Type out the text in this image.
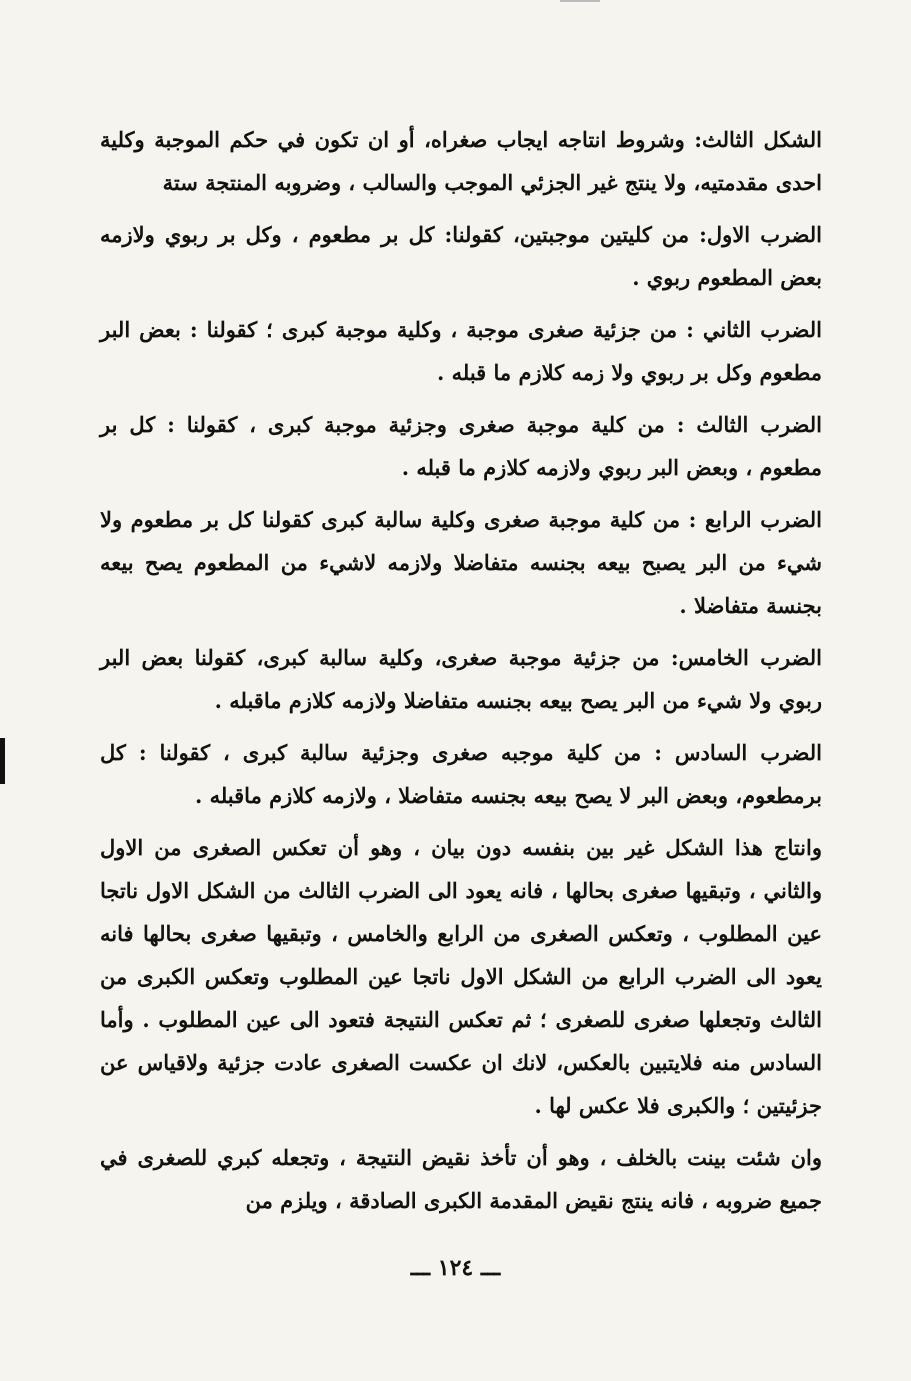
الشكل الثالث: وشروط انتاجه ايجاب صغراه، أو ان تكون في حكم الموجبة وكلية احدى مقدمتيه، ولا ينتج غير الجزئي الموجب والسالب ، وضروبه المنتجة ستة

الضرب الاول: من كليتين موجبتين، كقولنا: كل بر مطعوم ، وكل بر ربوي ولازمه بعض المطعوم ربوي .

الضرب الثاني : من جزئية صغرى موجبة ، وكلية موجبة كبرى ؛ كقولنا : بعض البر مطعوم وكل بر ربوي ولا زمه كلازم ما قبله .

الضرب الثالث : من كلية موجبة صغرى وجزئية موجبة كبرى ، كقولنا : كل بر مطعوم ، وبعض البر ربوي ولازمه كلازم ما قبله .

الضرب الرابع : من كلية موجبة صغرى وكلية سالبة كبرى كقولنا كل بر مطعوم ولا شيء من البر يصبح بيعه بجنسه متفاضلا ولازمه لاشيء من المطعوم يصح بيعه بجنسة متفاضلا .

الضرب الخامس: من جزئية موجبة صغرى، وكلية سالبة كبرى، كقولنا بعض البر ربوي ولا شيء من البر يصح بيعه بجنسه متفاضلا ولازمه كلازم ماقبله .

الضرب السادس : من كلية موجبه صغرى وجزئية سالبة كبرى ، كقولنا : كل برمطعوم، وبعض البر لا يصح بيعه بجنسه متفاضلا ، ولازمه كلازم ماقبله .

وانتاج هذا الشكل غير بين بنفسه دون بيان ، وهو أن تعكس الصغرى من الاول والثاني ، وتبقيها صغرى بحالها ، فانه يعود الى الضرب الثالث من الشكل الاول ناتجا عين المطلوب ، وتعكس الصغرى من الرابع والخامس ، وتبقيها صغرى بحالها فانه يعود الى الضرب الرابع من الشكل الاول ناتجا عين المطلوب وتعكس الكبرى من الثالث وتجعلها صغرى للصغرى ؛ ثم تعكس النتيجة فتعود الى عين المطلوب . وأما السادس منه فلايتبين بالعكس، لانك ان عكست الصغرى عادت جزئية ولاقياس عن جزئيتين ؛ والكبرى فلا عكس لها .

وان شئت بينت بالخلف ، وهو أن تأخذ نقيض النتيجة ، وتجعله كبري للصغرى في جميع ضروبه ، فانه ينتج نقيض المقدمة الكبرى الصادقة ، ويلزم من

ـــ ١٢٤ ـــ
